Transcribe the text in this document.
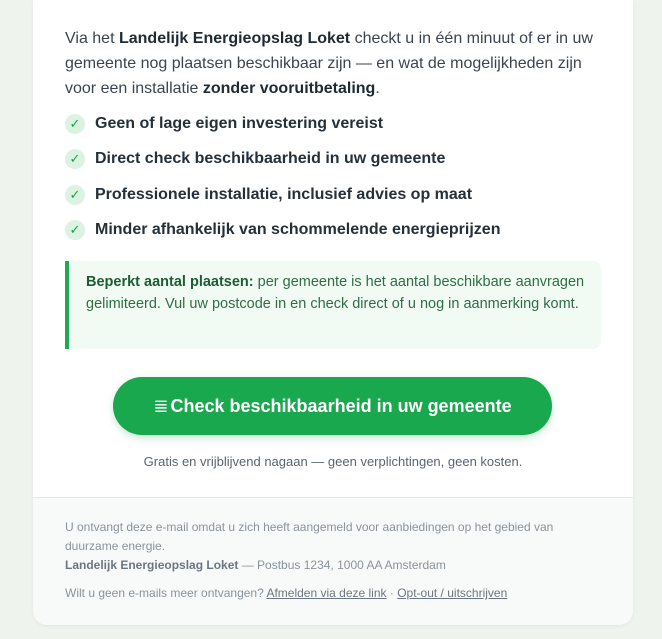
Via het Landelijk Energieopslag Loket checkt u in één minuut of er in uw gemeente nog plaatsen beschikbaar zijn — en wat de mogelijkheden zijn voor een installatie zonder vooruitbetaling.

✓ Geen of lage eigen investering vereist
✓ Direct check beschikbaarheid in uw gemeente
✓ Professionele installatie, inclusief advies op maat
✓ Minder afhankelijk van schommelende energieprijzen
Beperkt aantal plaatsen: per gemeente is het aantal beschikbare aanvragen gelimiteerd. Vul uw postcode in en check direct of u nog in aanmerking komt.
≣ Check beschikbaarheid in uw gemeente
Gratis en vrijblijvend nagaan — geen verplichtingen, geen kosten.
U ontvangt deze e-mail omdat u zich heeft aangemeld voor aanbiedingen op het gebied van duurzame energie.
Landelijk Energieopslag Loket — Postbus 1234, 1000 AA Amsterdam
Wilt u geen e-mails meer ontvangen? Afmelden via deze link · Opt-out / uitschrijven
